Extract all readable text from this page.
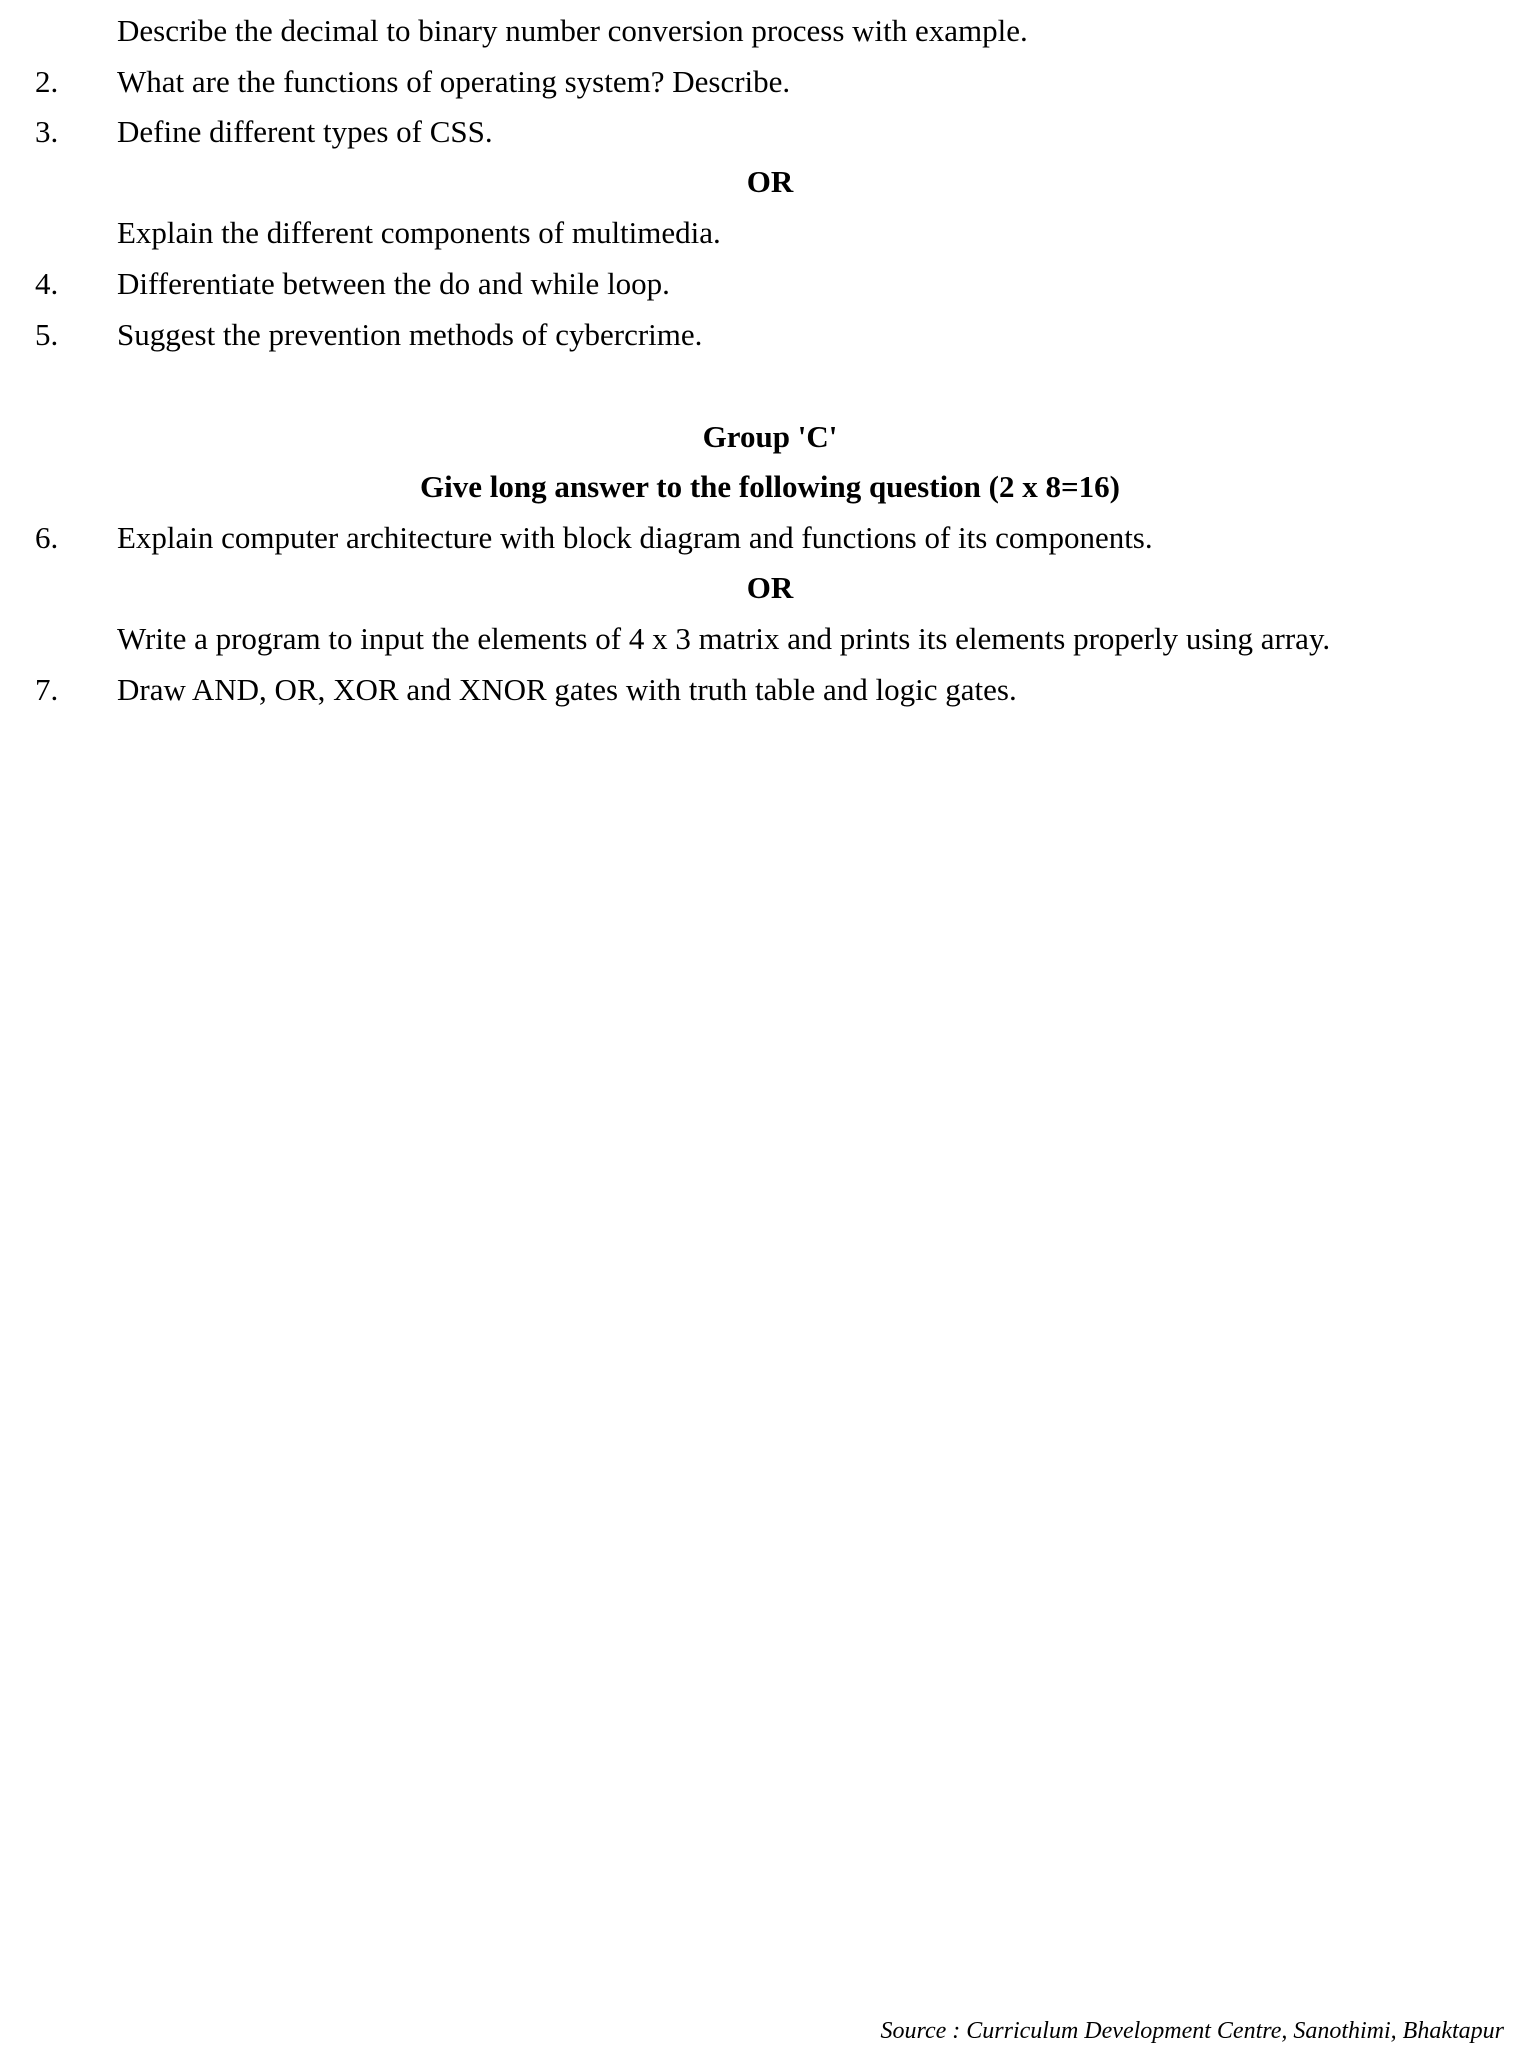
Describe the decimal to binary number conversion process with example.
2. What are the functions of operating system? Describe.
3. Define different types of CSS.
OR
Explain the different components of multimedia.
4. Differentiate between the do and while loop.
5. Suggest the prevention methods of cybercrime.
Group 'C'
Give long answer to the following question (2 x 8=16)
6. Explain computer architecture with block diagram and functions of its components.
OR
Write a program to input the elements of 4 x 3 matrix and prints its elements properly using array.
7. Draw AND, OR, XOR and XNOR gates with truth table and logic gates.
Source : Curriculum Development Centre, Sanothimi, Bhaktapur
